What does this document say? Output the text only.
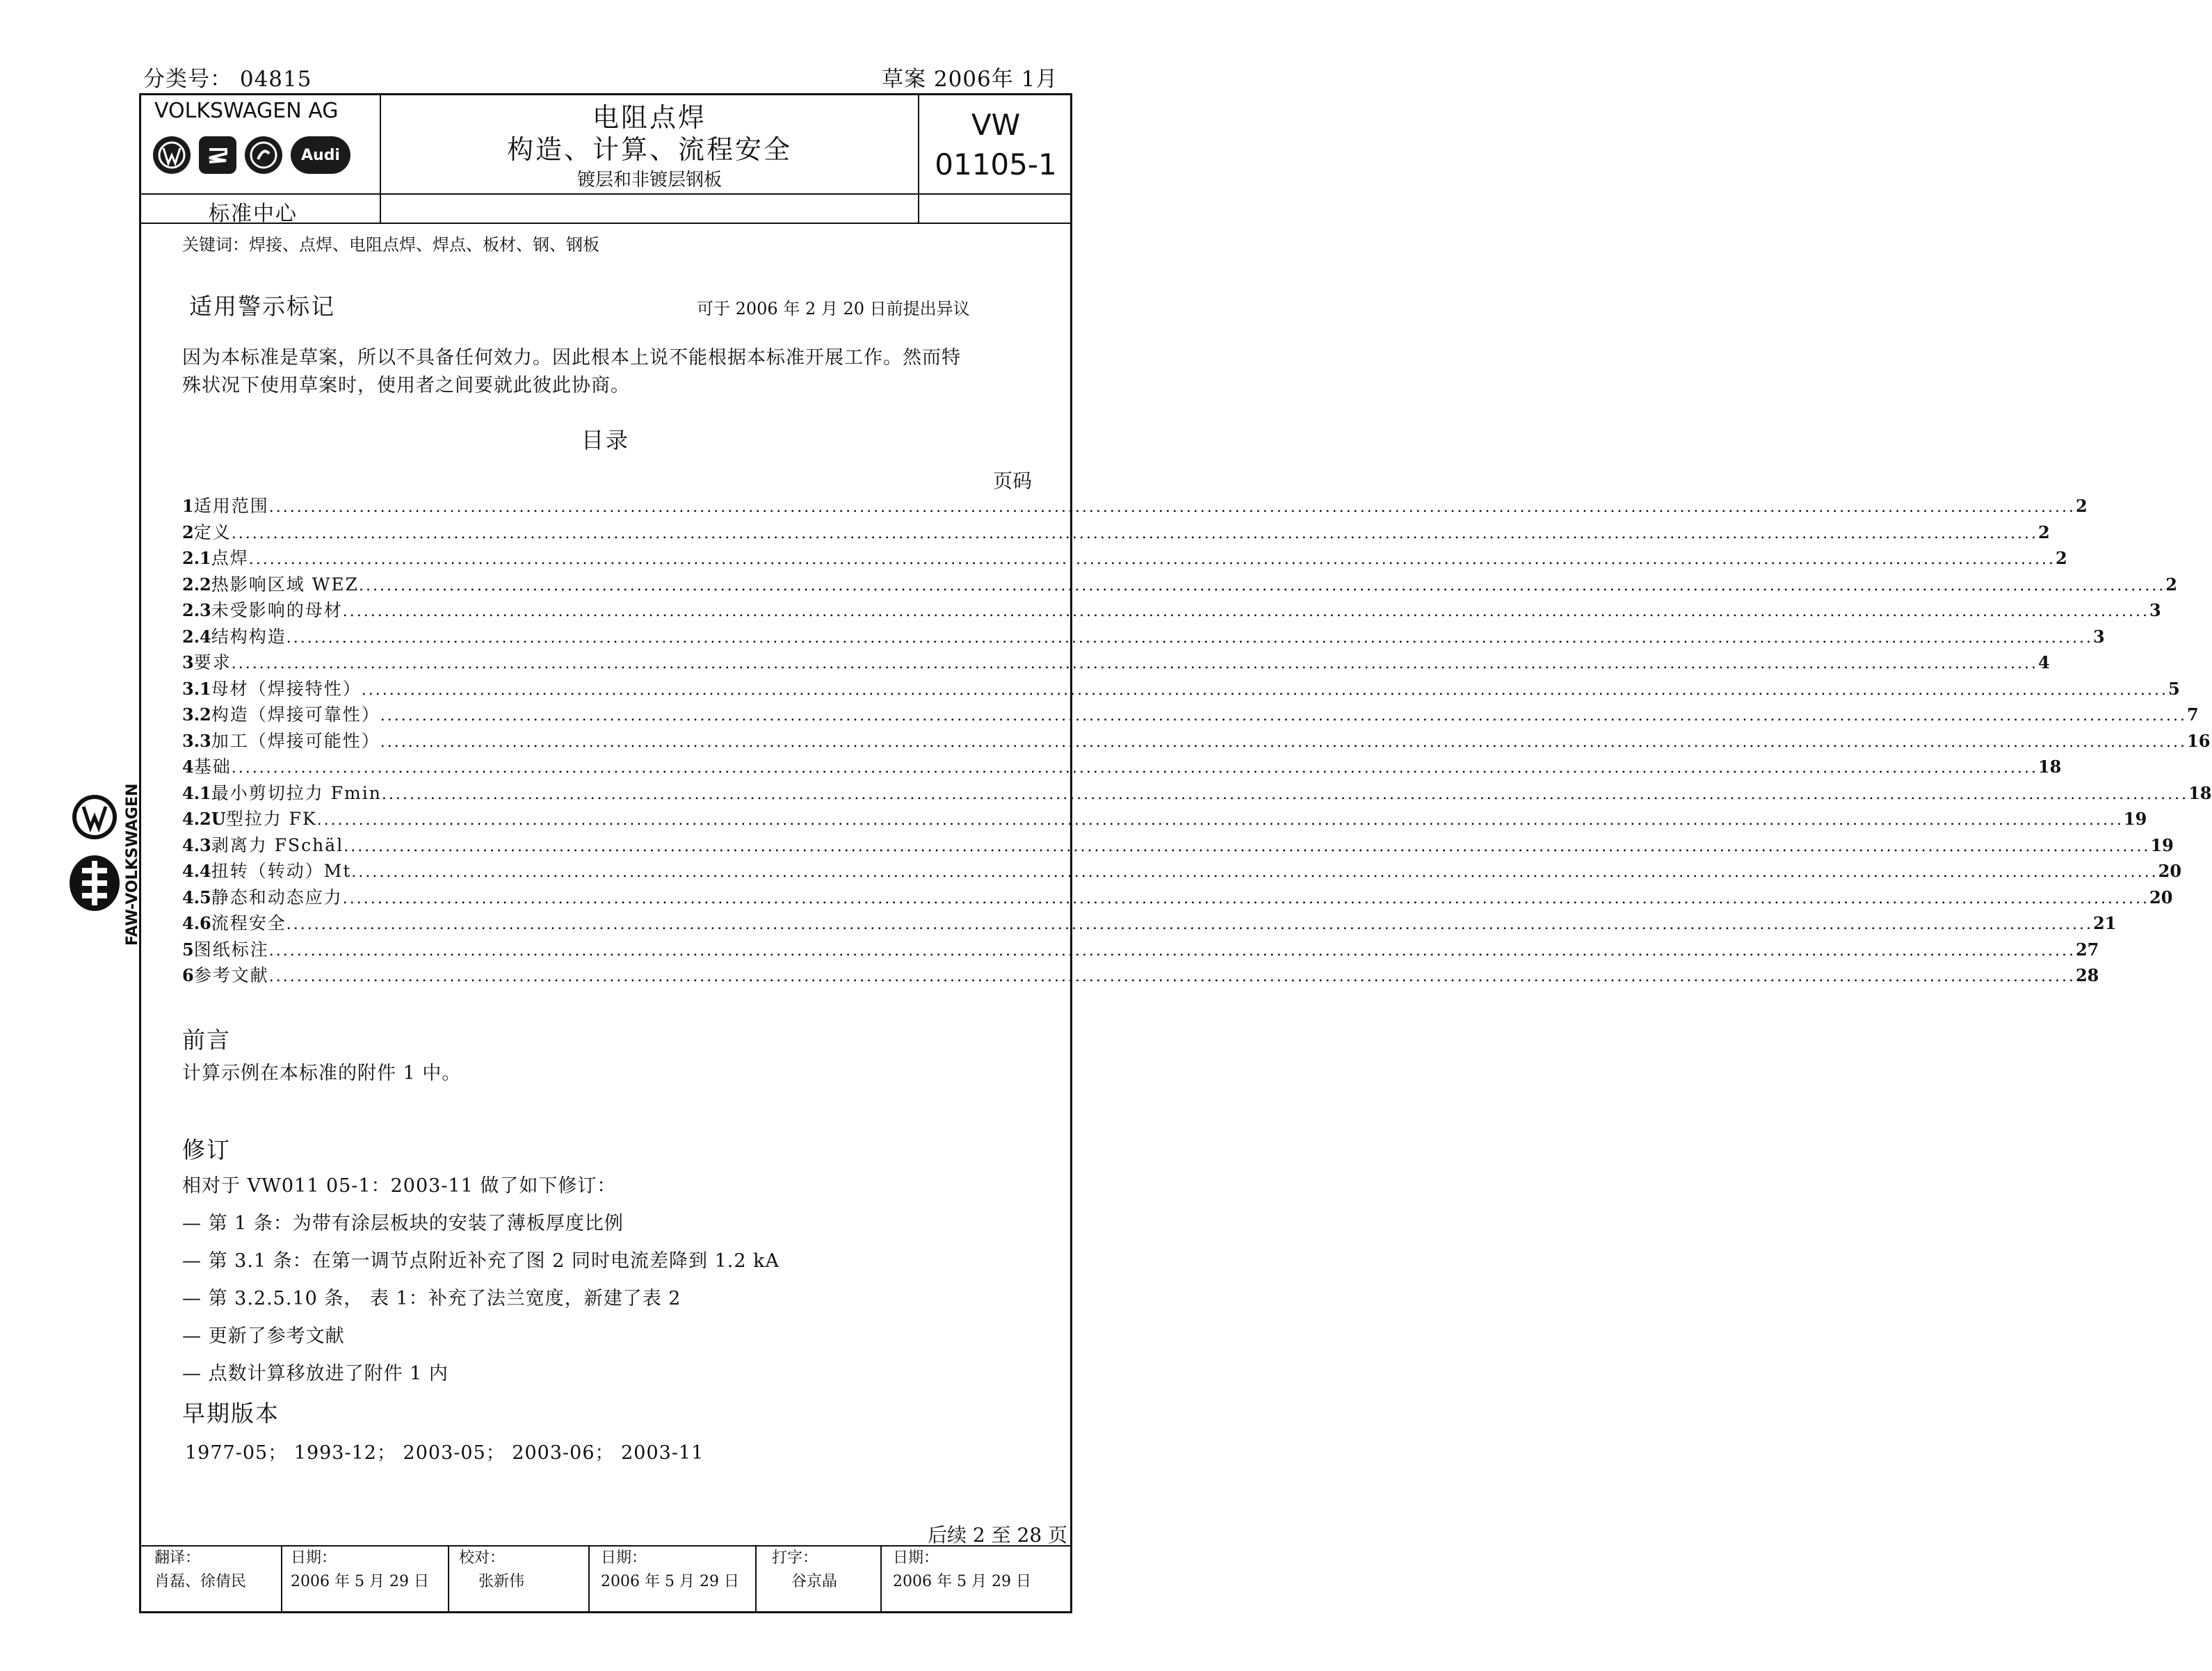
分类号： 04815	草案 2006年 1月
FAW-VOLKSWAGEN
VOLKSWAGEN AG
Audi
标准中心
电阻点焊
构造、计算、流程安全
镀层和非镀层钢板
VW
01105-1
关键词：焊接、点焊、电阻点焊、焊点、板材、钢、钢板
适用警示标记	可于 2006 年 2 月 20 日前提出异议
因为本标准是草案，所以不具备任何效力。因此根本上说不能根据本标准开展工作。然而特
殊状况下使用草案时，使用者之间要就此彼此协商。
目录
页码
1 适用范围 .................................................................................................................................................................................................................................................................... 2
2 定义 .................................................................................................................................................................................................................................................................... 2
2.1 点焊 .................................................................................................................................................................................................................................................................... 2
2.2 热影响区域 WEZ .................................................................................................................................................................................................................................................................... 2
2.3 未受影响的母材 .................................................................................................................................................................................................................................................................... 3
2.4 结构构造 .................................................................................................................................................................................................................................................................... 3
3 要求 .................................................................................................................................................................................................................................................................... 4
3.1 母材（焊接特性） .................................................................................................................................................................................................................................................................... 5
3.2 构造（焊接可靠性） .................................................................................................................................................................................................................................................................... 7
3.3 加工（焊接可能性） .................................................................................................................................................................................................................................................................... 16
4 基础 .................................................................................................................................................................................................................................................................... 18
4.1 最小剪切拉力 Fmin .................................................................................................................................................................................................................................................................... 18
4.2U 型拉力 FK .................................................................................................................................................................................................................................................................... 19
4.3 剥离力 FSchäl .................................................................................................................................................................................................................................................................... 19
4.4 扭转（转动）Mt .................................................................................................................................................................................................................................................................... 20
4.5 静态和动态应力 .................................................................................................................................................................................................................................................................... 20
4.6 流程安全 .................................................................................................................................................................................................................................................................... 21
5 图纸标注 .................................................................................................................................................................................................................................................................... 27
6 参考文献 .................................................................................................................................................................................................................................................................... 28
前言
计算示例在本标准的附件 1 中。
修订
相对于 VW011 05-1：2003-11 做了如下修订：
— 第 1 条：为带有涂层板块的安装了薄板厚度比例
— 第 3.1 条：在第一调节点附近补充了图 2 同时电流差降到 1.2 kA
— 第 3.2.5.10 条， 表 1：补充了法兰宽度，新建了表 2
— 更新了参考文献
— 点数计算移放进了附件 1 内
早期版本
1977-05； 1993-12； 2003-05； 2003-06； 2003-11
后续 2 至 28 页
翻译：
肖磊、徐倩民
日期：
2006 年 5 月 29 日
校对：
张新伟
日期：
2006 年 5 月 29 日
打字：
谷京晶
日期：
2006 年 5 月 29 日
